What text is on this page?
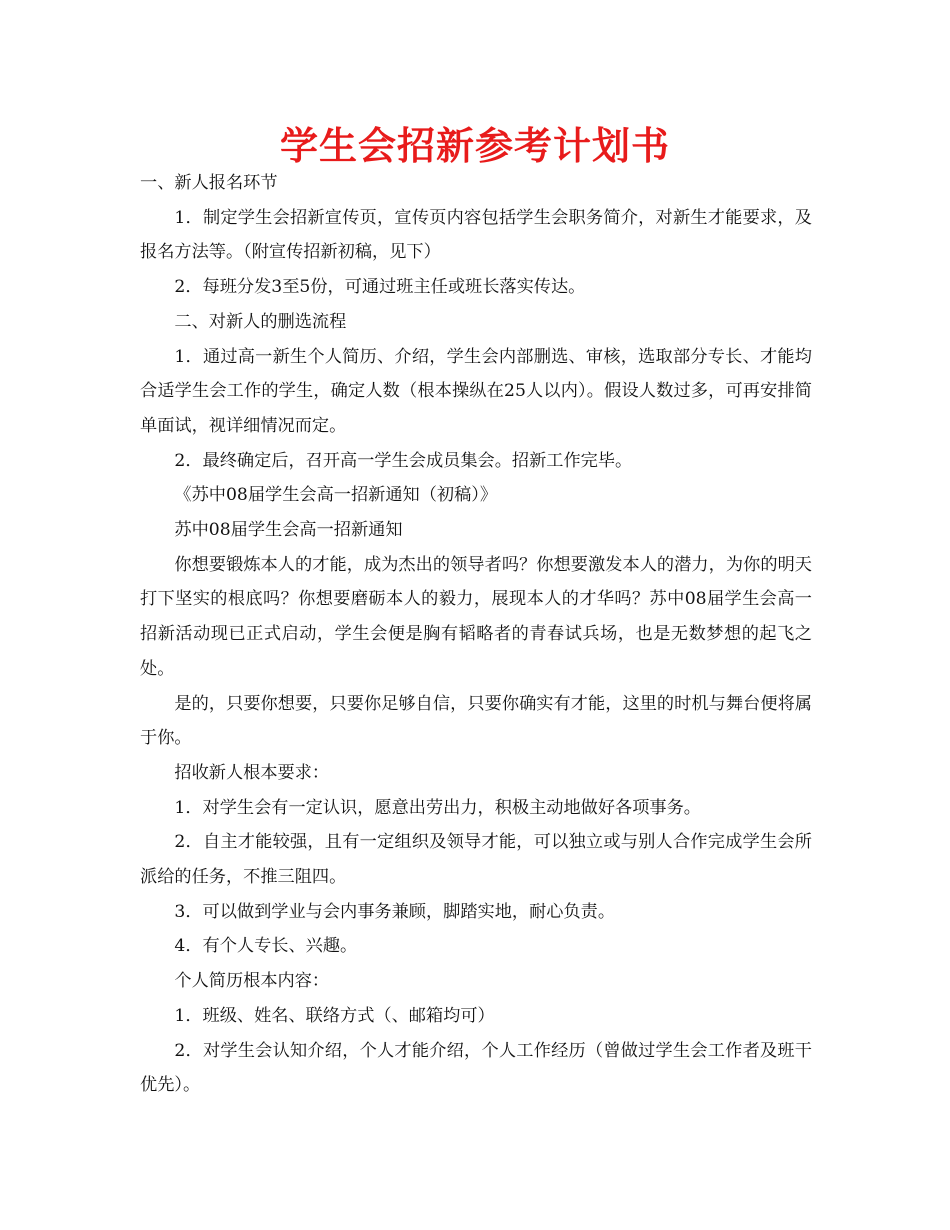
学生会招新参考计划书

一、新人报名环节

1．制定学生会招新宣传页，宣传页内容包括学生会职务简介，对新生才能要求，及报名方法等。（附宣传招新初稿，见下）

2．每班分发3至5份，可通过班主任或班长落实传达。

二、对新人的删选流程

1．通过高一新生个人简历、介绍，学生会内部删选、审核，选取部分专长、才能均合适学生会工作的学生，确定人数（根本操纵在25人以内）。假设人数过多，可再安排简单面试，视详细情况而定。

2．最终确定后，召开高一学生会成员集会。招新工作完毕。

《苏中08届学生会高一招新通知（初稿）》

苏中08届学生会高一招新通知

你想要锻炼本人的才能，成为杰出的领导者吗？你想要激发本人的潜力，为你的明天打下坚实的根底吗？你想要磨砺本人的毅力，展现本人的才华吗？苏中08届学生会高一招新活动现已正式启动，学生会便是胸有韬略者的青春试兵场，也是无数梦想的起飞之处。

是的，只要你想要，只要你足够自信，只要你确实有才能，这里的时机与舞台便将属于你。

招收新人根本要求：

1．对学生会有一定认识，愿意出劳出力，积极主动地做好各项事务。

2．自主才能较强，且有一定组织及领导才能，可以独立或与别人合作完成学生会所派给的任务，不推三阻四。

3．可以做到学业与会内事务兼顾，脚踏实地，耐心负责。

4．有个人专长、兴趣。

个人简历根本内容：

1．班级、姓名、联络方式（、邮箱均可）

2．对学生会认知介绍，个人才能介绍，个人工作经历（曾做过学生会工作者及班干优先）。
